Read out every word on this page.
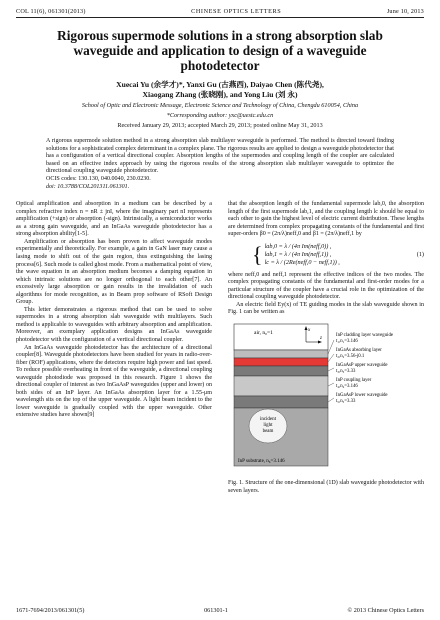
COL 11(6), 061301(2013)	CHINESE OPTICS LETTERS	June 10, 2013
Rigorous supermode solutions in a strong absorption slab waveguide and application to design of a waveguide photodetector
Xuecai Yu (余学才)*, Yanxi Gu (古燕西), Daiyao Chen (陈代尧),
Xiaogang Zhang (张晓刚), and Yong Liu (刘 永)
School of Optic and Electronic Message, Electronic Science and Technology of China, Chengdu 610054, China
*Corresponding author: yxc@uestc.edu.cn
Received January 29, 2013; accepted March 29, 2013; posted online May 31, 2013
A rigorous supermode solution method in a strong absorption slab multilayer waveguide is performed. The method is directed toward finding solutions for a sophisticated complex determinant in a complex plane. The rigorous results are applied to design a waveguide photodetector that has a configuration of a vertical directional coupler. Absorption lengths of the supermodes and coupling length of the coupler are calculated based on an effective index approach by using the rigorous results of the strong absorption slab multilayer waveguide to optimize the directional coupling waveguide photodetector.
OCIS codes: 130.130, 040.0040, 230.0230.
doi: 10.3788/COL201311.061301.

Optical amplification and absorption in a medium can be described by a complex refractive index n = nR ± jnI, where the imaginary part nI represents amplification (+sign) or absorption (-sign). Intrinsically, a semiconductor works as a strong gain waveguide, and an InGaAs waveguide photodetector has a strong absorption ability[1-5].

Amplification or absorption has been proven to affect waveguide modes experimentally and theoretically. For example, a gain in GaN laser may cause a lasing mode to shift out of the gain region, thus extinguishing the lasing process[6]. Such mode is called ghost mode. From a mathematical point of view, the wave equation in an absorption medium becomes a damping equation in which intrinsic solutions are no longer orthogonal to each other[7]. An excessively large absorption or gain results in the invalidation of such algorithms for mode recognition, as in Beam prop software of RSoft Design Group.

This letter demonstrates a rigorous method that can be used to solve supermodes in a strong absorption slab waveguide with multilayers. Such method is applicable to waveguides with arbitrary absorption and amplification. Moreover, an exemplary application designs an InGaAs waveguide photodetector with the configuration of a vertical directional coupler.

An InGaAs waveguide photodetector has the architecture of a directional coupler[8]. Waveguide photodetectors have been studied for years in radio-over-fiber (ROF) applications, where the detectors require high power and fast speed. To reduce possible overheating in front of the waveguide, a directional coupling waveguide photodiode was proposed in this research. Figure 1 shows the directional coupler of interest as two InGaAsP waveguides (upper and lower) on both sides of an InP layer. An InGaAs absorption layer for a 1.55-μm wavelength sits on the top of the upper waveguide. A light beam incident to the lower waveguide is gradually coupled with the upper waveguide. Other extensive studies have shown[9]

that the absorption length of the fundamental supermode lab,0, the absorption length of the first supermode lab,1, and the coupling length lc should be equal to each other to gain the highest level of electric current distribution. These lengths are determined from complex propagating constants of the fundamental and first super-orders β0 = (2π/λ)neff,0 and β1 = (2π/λ)neff,1 by

{ lab,0 = λ / (4π Im(neff,0)) ,
lab,1 = λ / (4π Im(neff,1)) ,
lc = λ / (2Re(neff,0 − neff,1)) ,
(1)

where neff,0 and neff,1 represent the effective indices of the two modes. The complex propagating constants of the fundamental and first-order modes for a particular structure of the coupler have a crucial role in the optimization of the directional coupling waveguide photodetector.

An electric field Ey(x) of TE guiding modes in the slab waveguide shown in Fig. 1 can be written as

air, n₀=1
InP substrate, n₆=3.146
incident
light
beam
x
z
InP cladding layer waveguide
t₁,n₁=3.146
InGaAs absorbing layer
t₂,n₂=3.56-j0.1
InGaAsP upper waveguide
t₃,n₃=3.33
InP coupling layer
t₄,n₄=3.146
InGaAsP lower waveguide
t₅,n₅=3.33
Fig. 1. Structure of the one-dimensional (1D) slab waveguide photodetector with seven layers.
1671-7694/2013/061301(5)	061301-1	© 2013 Chinese Optics Letters
